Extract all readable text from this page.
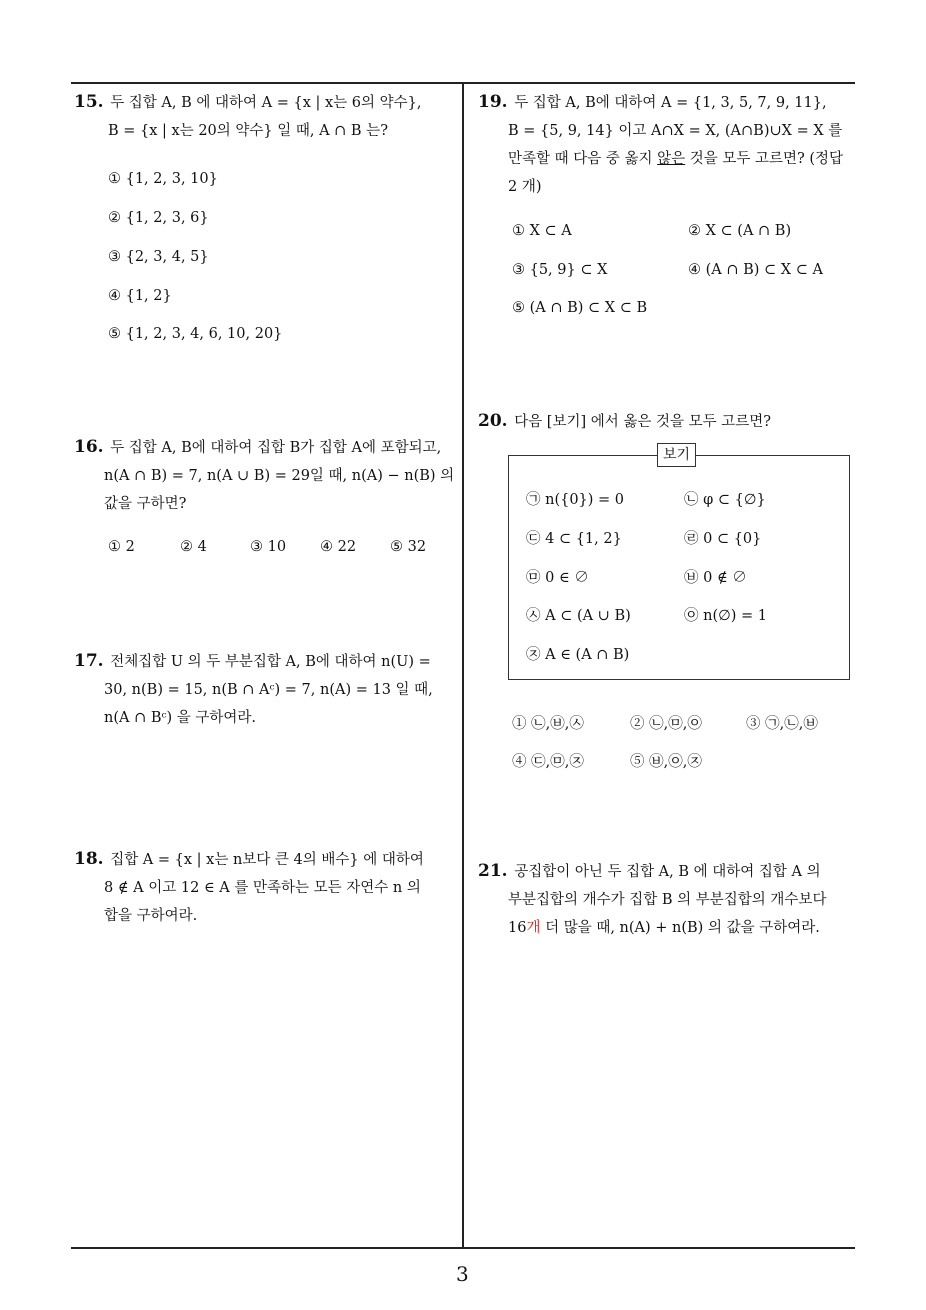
15. 두 집합 A, B 에 대하여 A = {x | x는 6의 약수},
B = {x | x는 20의 약수} 일 때, A ∩ B 는?
① {1, 2, 3, 10}
② {1, 2, 3, 6}
③ {2, 3, 4, 5}
④ {1, 2}
⑤ {1, 2, 3, 4, 6, 10, 20}
16. 두 집합 A, B에 대하여 집합 B가 집합 A에 포함되고,
n(A ∩ B) = 7, n(A ∪ B) = 29일 때, n(A) − n(B) 의
값을 구하면?
① 2	② 4	③ 10 ④ 22 ⑤ 32
17. 전체집합 U 의 두 부분집합 A, B에 대하여 n(U) =
30, n(B) = 15, n(B ∩ Aᶜ) = 7, n(A) = 13 일 때,
n(A ∩ Bᶜ) 을 구하여라.
18. 집합 A = {x | x는 n보다 큰 4의 배수} 에 대하여
8 ∉ A 이고 12 ∈ A 를 만족하는 모든 자연수 n 의
합을 구하여라.
19. 두 집합 A, B에 대하여 A = {1, 3, 5, 7, 9, 11},
B = {5, 9, 14} 이고 A∩X = X, (A∩B)∪X = X 를
만족할 때 다음 중 옳지 않은 것을 모두 고르면? (정답
2 개)
① X ⊂ A	② X ⊂ (A ∩ B)
③ {5, 9} ⊂ X	④ (A ∩ B) ⊂ X ⊂ A
⑤ (A ∩ B) ⊂ X ⊂ B
20. 다음 [보기] 에서 옳은 것을 모두 고르면?
보기
㉠ n({0}) = 0	㉡ φ ⊂ {∅}
㉢ 4 ⊂ {1, 2}	㉣ 0 ⊂ {0}
㉤ 0 ∈ ∅	㉥ 0 ∉ ∅
㉦ A ⊂ (A ∪ B)	㉧ n(∅) = 1
㉨ A ∈ (A ∩ B)
① ㉡,㉥,㉦	② ㉡,㉤,㉧	③ ㉠,㉡,㉥
④ ㉢,㉤,㉨	⑤ ㉥,㉧,㉨
21. 공집합이 아닌 두 집합 A, B 에 대하여 집합 A 의
부분집합의 개수가 집합 B 의 부분집합의 개수보다
16개 더 많을 때, n(A) + n(B) 의 값을 구하여라.
3
